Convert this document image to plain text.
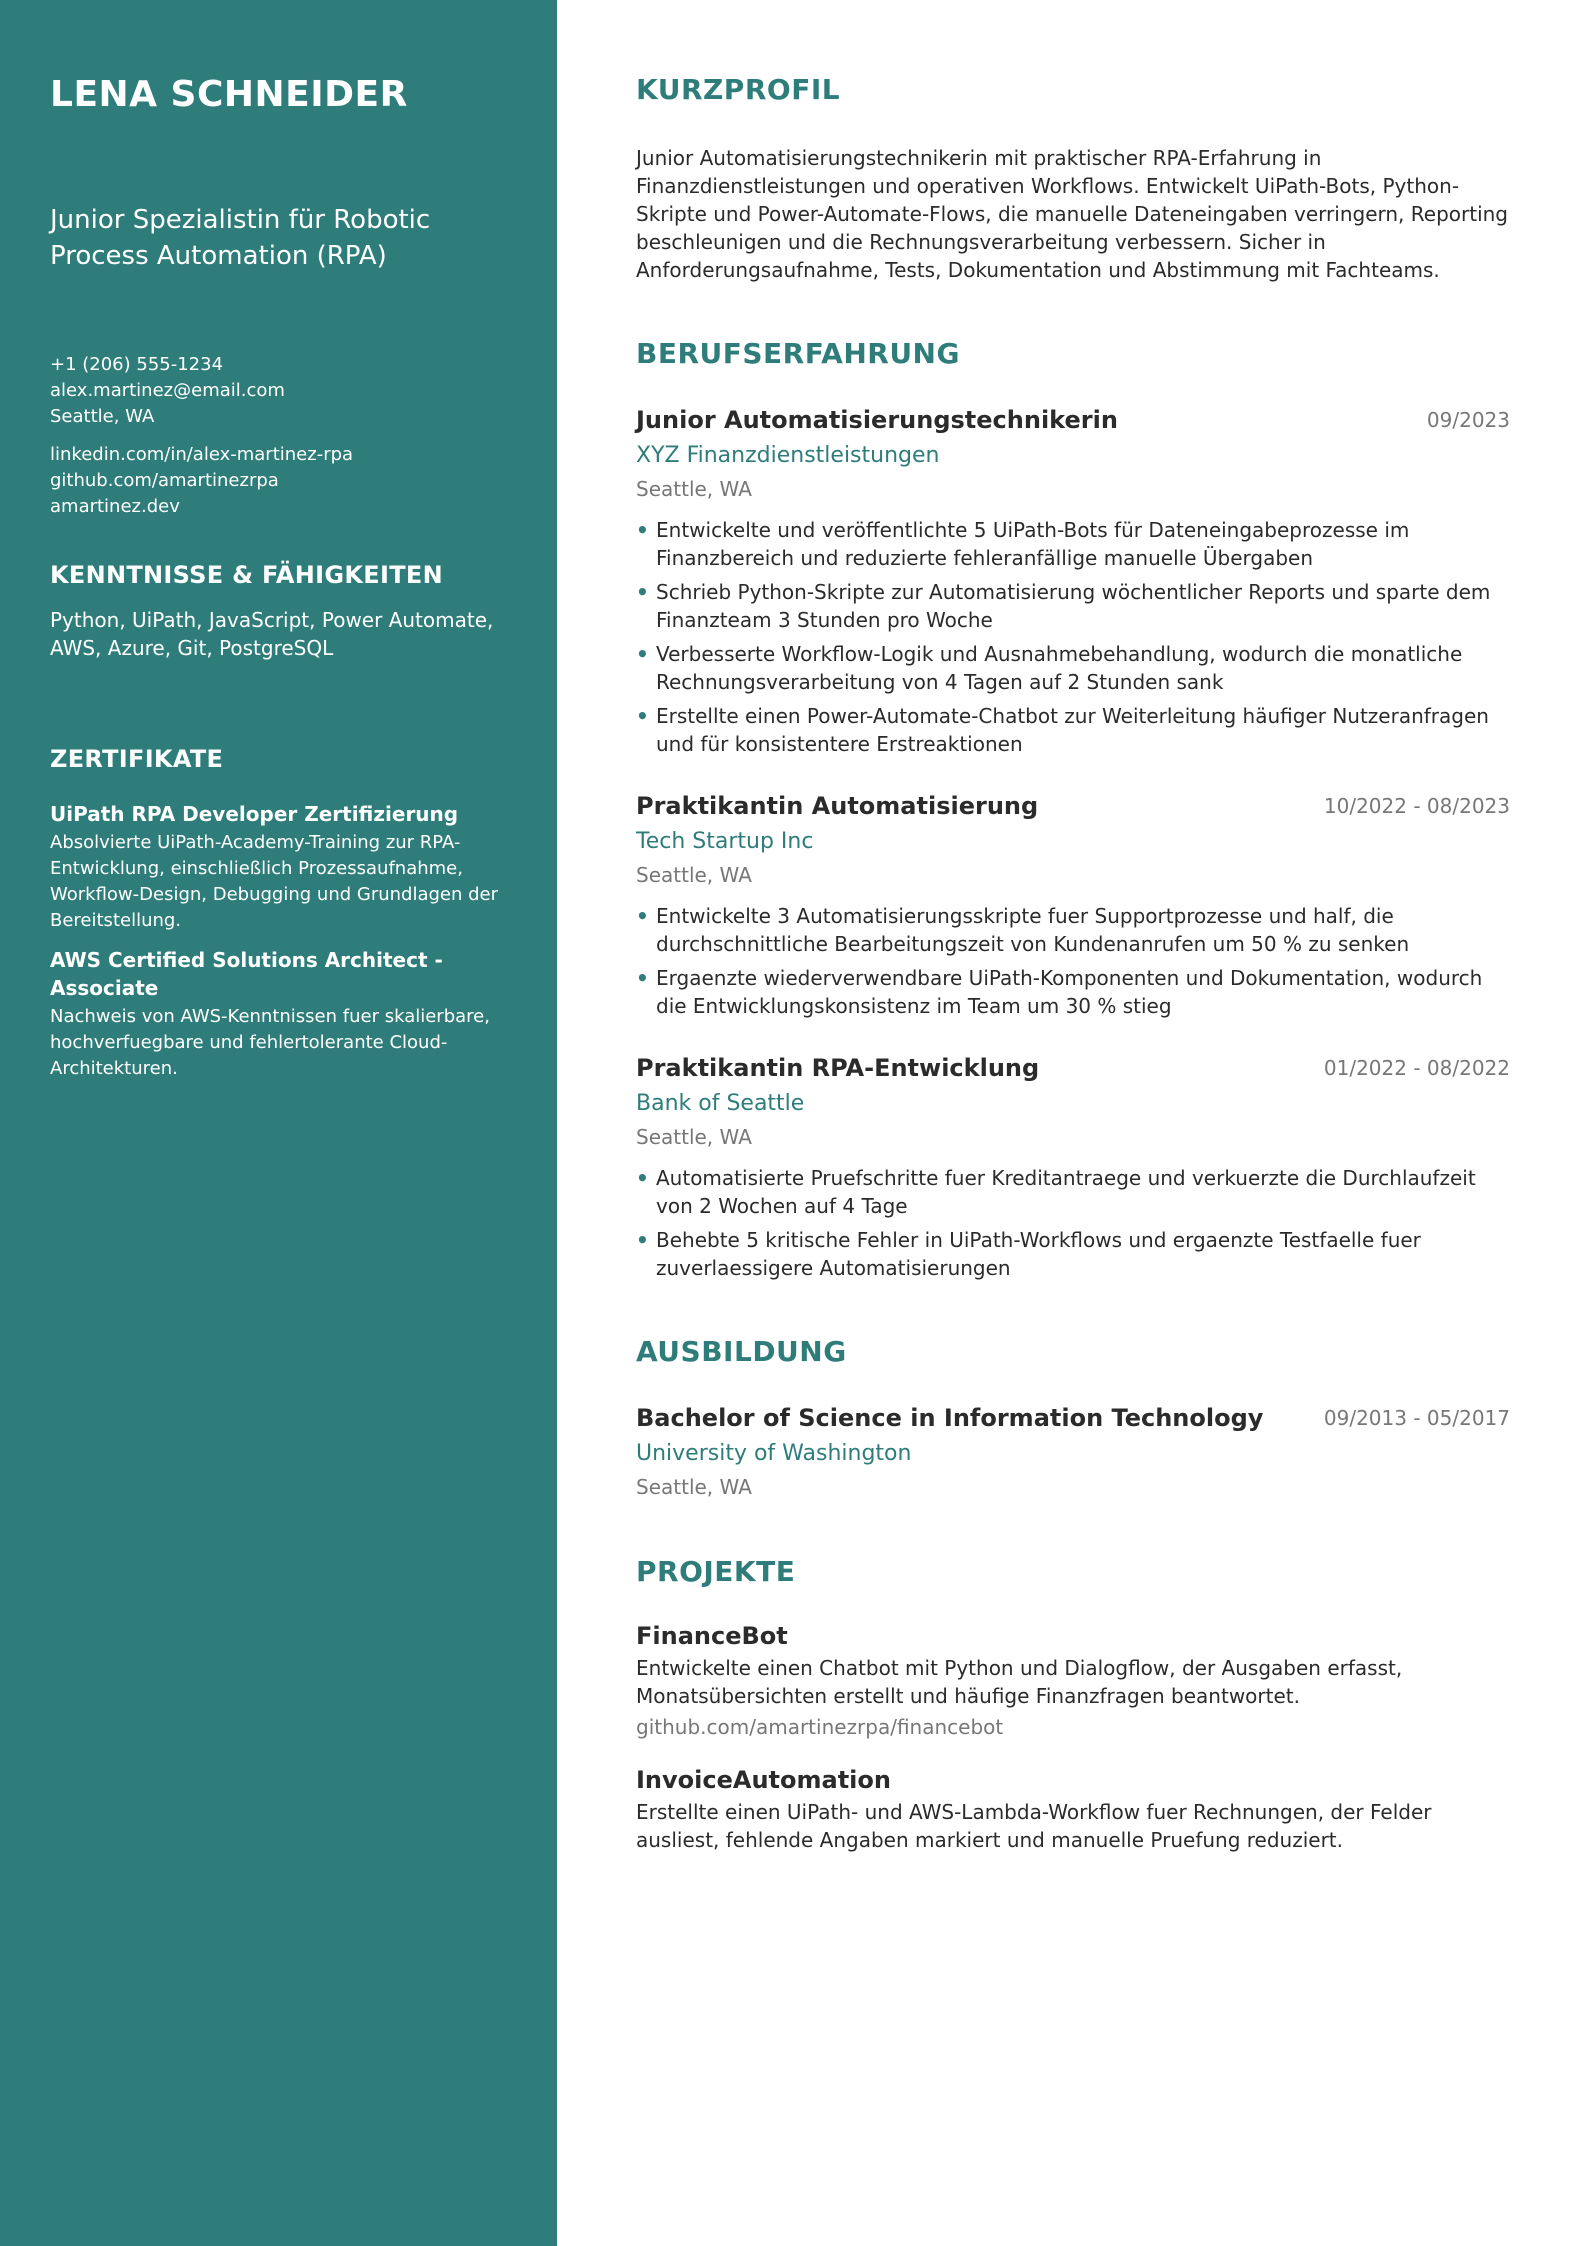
LENA SCHNEIDER
Junior Spezialistin für Robotic Process Automation (RPA)
+1 (206) 555-1234
alex.martinez@email.com
Seattle, WA
linkedin.com/in/alex-martinez-rpa
github.com/amartinezrpa
amartinez.dev
KENNTNISSE & FÄHIGKEITEN
Python, UiPath, JavaScript, Power Automate, AWS, Azure, Git, PostgreSQL
ZERTIFIKATE
UiPath RPA Developer Zertifizierung
Absolvierte UiPath-Academy-Training zur RPA-Entwicklung, einschließlich Prozessaufnahme, Workflow-Design, Debugging und Grundlagen der Bereitstellung.
AWS Certified Solutions Architect - Associate
Nachweis von AWS-Kenntnissen fuer skalierbare, hochverfuegbare und fehlertolerante Cloud-Architekturen.
KURZPROFIL

Junior Automatisierungstechnikerin mit praktischer RPA-Erfahrung in Finanzdienstleistungen und operativen Workflows. Entwickelt UiPath-Bots, Python-Skripte und Power-Automate-Flows, die manuelle Dateneingaben verringern, Reporting beschleunigen und die Rechnungsverarbeitung verbessern. Sicher in Anforderungsaufnahme, Tests, Dokumentation und Abstimmung mit Fachteams.

BERUFSERFAHRUNG
Junior Automatisierungstechnikerin	09/2023
XYZ Finanzdienstleistungen
Seattle, WA
• Entwickelte und veröffentlichte 5 UiPath-Bots für Dateneingabeprozesse im Finanzbereich und reduzierte fehleranfällige manuelle Übergaben
• Schrieb Python-Skripte zur Automatisierung wöchentlicher Reports und sparte dem Finanzteam 3 Stunden pro Woche
• Verbesserte Workflow-Logik und Ausnahmebehandlung, wodurch die monatliche Rechnungsverarbeitung von 4 Tagen auf 2 Stunden sank
• Erstellte einen Power-Automate-Chatbot zur Weiterleitung häufiger Nutzeranfragen und für konsistentere Erstreaktionen
Praktikantin Automatisierung	10/2022 - 08/2023
Tech Startup Inc
Seattle, WA
• Entwickelte 3 Automatisierungsskripte fuer Supportprozesse und half, die durchschnittliche Bearbeitungszeit von Kundenanrufen um 50 % zu senken
• Ergaenzte wiederverwendbare UiPath-Komponenten und Dokumentation, wodurch die Entwicklungskonsistenz im Team um 30 % stieg
Praktikantin RPA-Entwicklung	01/2022 - 08/2022
Bank of Seattle
Seattle, WA
• Automatisierte Pruefschritte fuer Kreditantraege und verkuerzte die Durchlaufzeit von 2 Wochen auf 4 Tage
• Behebte 5 kritische Fehler in UiPath-Workflows und ergaenzte Testfaelle fuer zuverlaessigere Automatisierungen
AUSBILDUNG
Bachelor of Science in Information Technology	09/2013 - 05/2017
University of Washington
Seattle, WA
PROJEKTE
FinanceBot
Entwickelte einen Chatbot mit Python und Dialogflow, der Ausgaben erfasst, Monatsübersichten erstellt und häufige Finanzfragen beantwortet.
github.com/amartinezrpa/financebot
InvoiceAutomation
Erstellte einen UiPath- und AWS-Lambda-Workflow fuer Rechnungen, der Felder ausliest, fehlende Angaben markiert und manuelle Pruefung reduziert.
